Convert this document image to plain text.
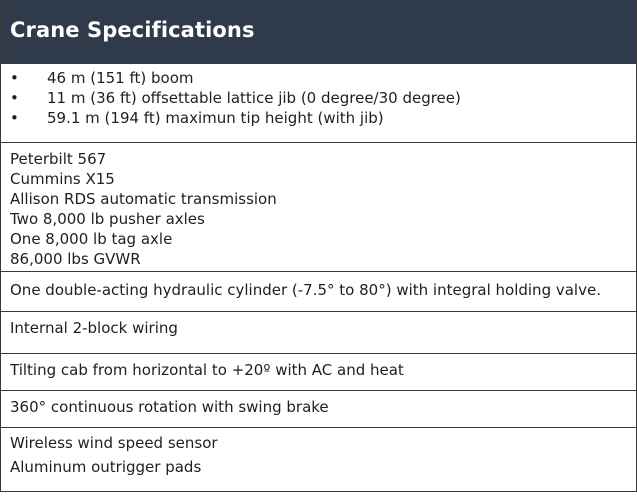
Crane Specifications
• 46 m (151 ft) boom
• 11 m (36 ft) offsettable lattice jib (0 degree/30 degree)
• 59.1 m (194 ft) maximun tip height (with jib)
Peterbilt 567
Cummins X15
Allison RDS automatic transmission
Two 8,000 lb pusher axles
One 8,000 lb tag axle
86,000 lbs GVWR
One double-acting hydraulic cylinder (-7.5° to 80°) with integral holding valve.
Internal 2-block wiring
Tilting cab from horizontal to +20º with AC and heat
360° continuous rotation with swing brake
Wireless wind speed sensor
Aluminum outrigger pads
